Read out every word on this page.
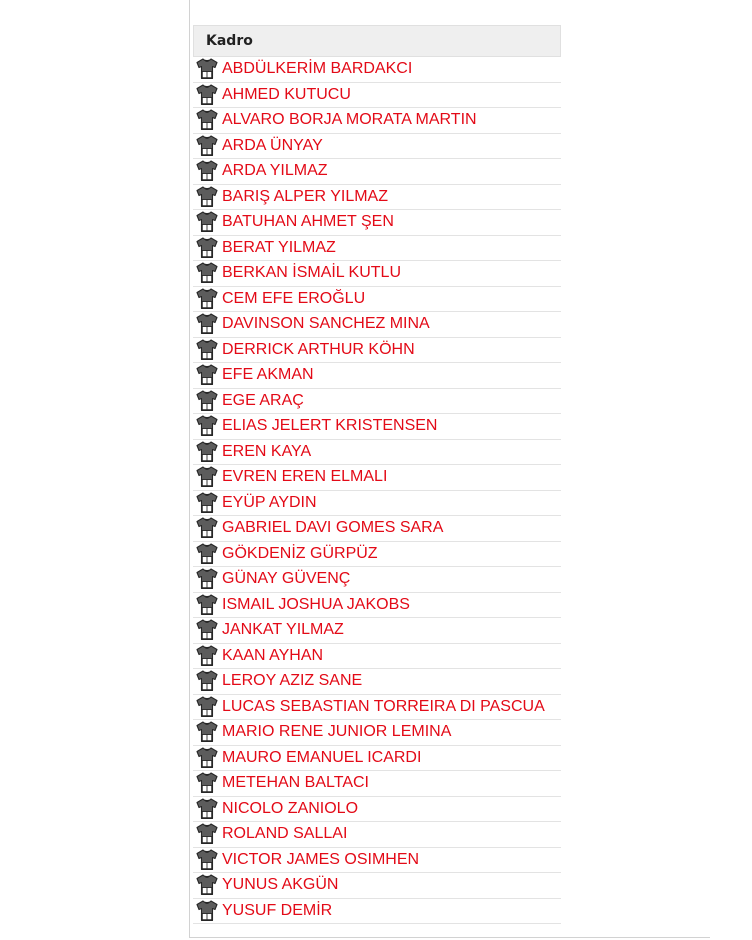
Kadro
ABDÜLKERİM BARDAKCI
AHMED KUTUCU
ALVARO BORJA MORATA MARTIN
ARDA ÜNYAY
ARDA YILMAZ
BARIŞ ALPER YILMAZ
BATUHAN AHMET ŞEN
BERAT YILMAZ
BERKAN İSMAİL KUTLU
CEM EFE EROĞLU
DAVINSON SANCHEZ MINA
DERRICK ARTHUR KÖHN
EFE AKMAN
EGE ARAÇ
ELIAS JELERT KRISTENSEN
EREN KAYA
EVREN EREN ELMALI
EYÜP AYDIN
GABRIEL DAVI GOMES SARA
GÖKDENİZ GÜRPÜZ
GÜNAY GÜVENÇ
ISMAIL JOSHUA JAKOBS
JANKAT YILMAZ
KAAN AYHAN
LEROY AZIZ SANE
LUCAS SEBASTIAN TORREIRA DI PASCUA
MARIO RENE JUNIOR LEMINA
MAURO EMANUEL ICARDI
METEHAN BALTACI
NICOLO ZANIOLO
ROLAND SALLAI
VICTOR JAMES OSIMHEN
YUNUS AKGÜN
YUSUF DEMİR
